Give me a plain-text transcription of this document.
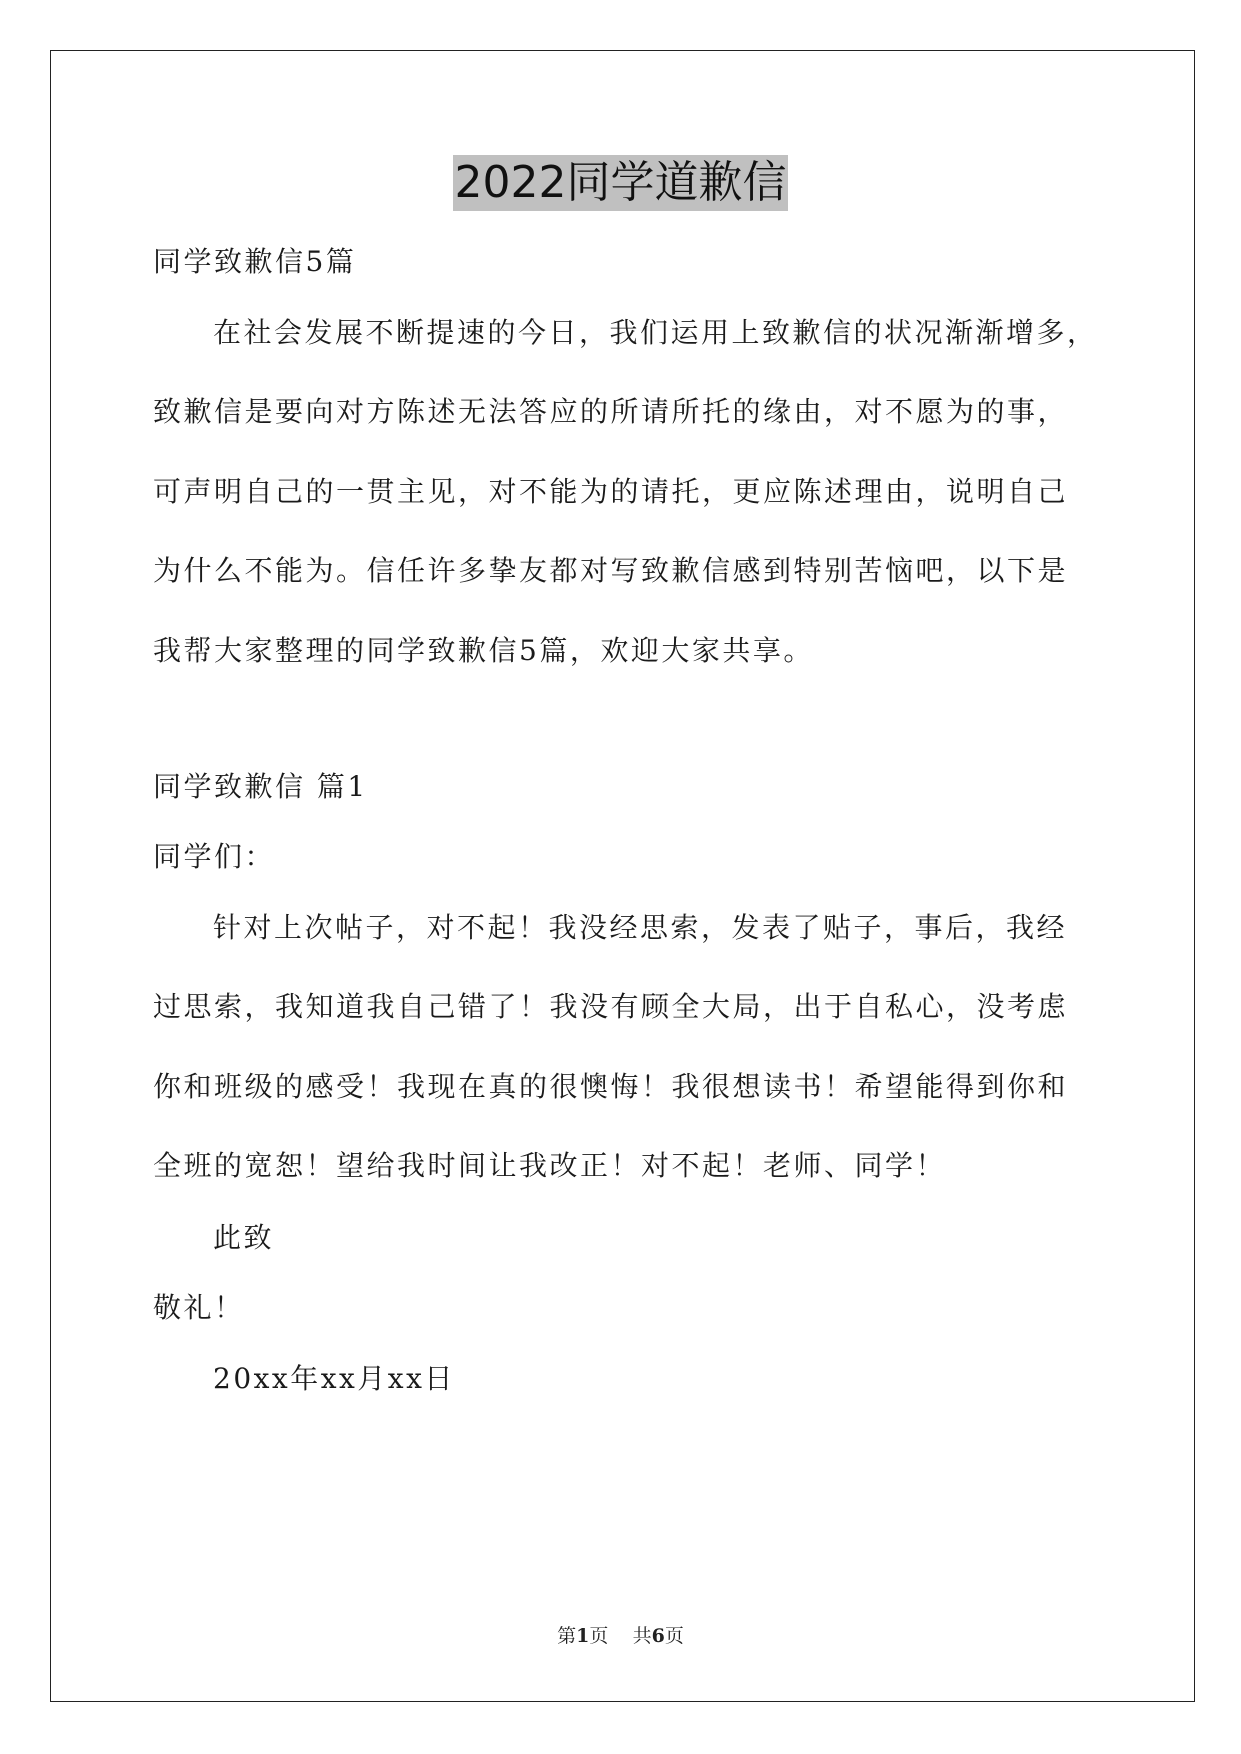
2022同学道歉信
同学致歉信5篇
在社会发展不断提速的今日，我们运用上致歉信的状况渐渐增多，
致歉信是要向对方陈述无法答应的所请所托的缘由，对不愿为的事，
可声明自己的一贯主见，对不能为的请托，更应陈述理由，说明自己
为什么不能为。信任许多挚友都对写致歉信感到特别苦恼吧，以下是
我帮大家整理的同学致歉信5篇，欢迎大家共享。
同学致歉信 篇1
同学们：
针对上次帖子，对不起！我没经思索，发表了贴子，事后，我经
过思索，我知道我自己错了！我没有顾全大局，出于自私心，没考虑
你和班级的感受！我现在真的很懊悔！我很想读书！希望能得到你和
全班的宽恕！望给我时间让我改正！对不起！老师、同学！
此致
敬礼！
20xx年xx月xx日
第1页 共6页
